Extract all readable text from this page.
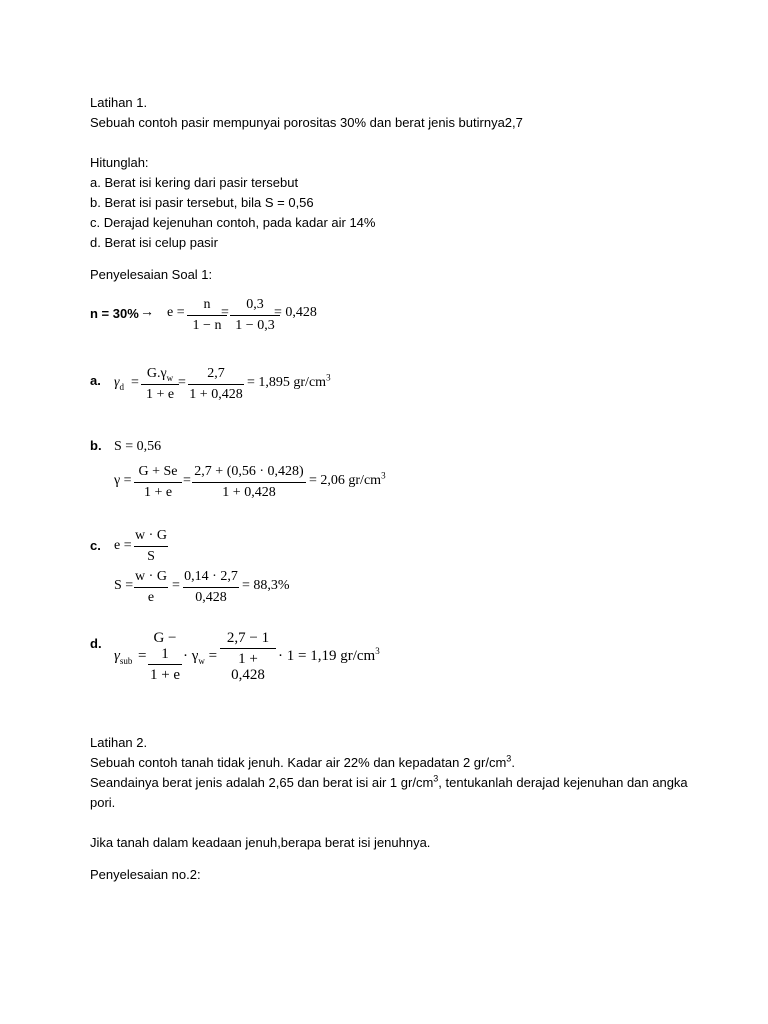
Latihan 1.
Sebuah contoh pasir mempunyai porositas 30% dan berat jenis butirnya2,7
Hitunglah:
a. Berat isi kering dari pasir tersebut
b. Berat isi pasir tersebut, bila S = 0,56
c. Derajad kejenuhan contoh, pada kadar air 14%
d. Berat isi celup pasir
Penyelesaian Soal 1:
$n = 30\% \to e = \frac{n}{1 - n}$
= $\frac{0,3}{1 - 0,3}$
= 0,428
a. $\gamma_d = \frac{G.\gamma_w}{1 + e} = \frac{2,7}{1 + 0,428} = 1,895$ $gr/cm^3$
b. S = 0,56
$\gamma = \frac{G + Se}{1 + e} = \frac{2,7 + (0,56 \cdot 0,428)}{1 + 0,428} = 2,06$ $gr/cm^3$
c. $e = \frac{w \cdot G}{S}$
$S = \frac{w \cdot G}{e} = \frac{0,14 \cdot 2,7}{0,428} = 88,3\%$
d.
$\gamma_{sub} = \frac{G - 1}{1 + e} \cdot \gamma_w = \frac{2,7 - 1}{1 + 0,428} \cdot 1 = 1,19$ $gr/cm^3$
Latihan 2.
Sebuah contoh tanah tidak jenuh. Kadar air 22% dan kepadatan 2 $gr/cm^3$.
Seandainya berat jenis adalah 2,65 dan berat isi air 1 $gr/cm^3$, tentukanlah derajad kejenuhan dan angka
pori.
Jika tanah dalam keadaan jenuh,berapa berat isi jenuhnya.
Penyelesaian no.2:
